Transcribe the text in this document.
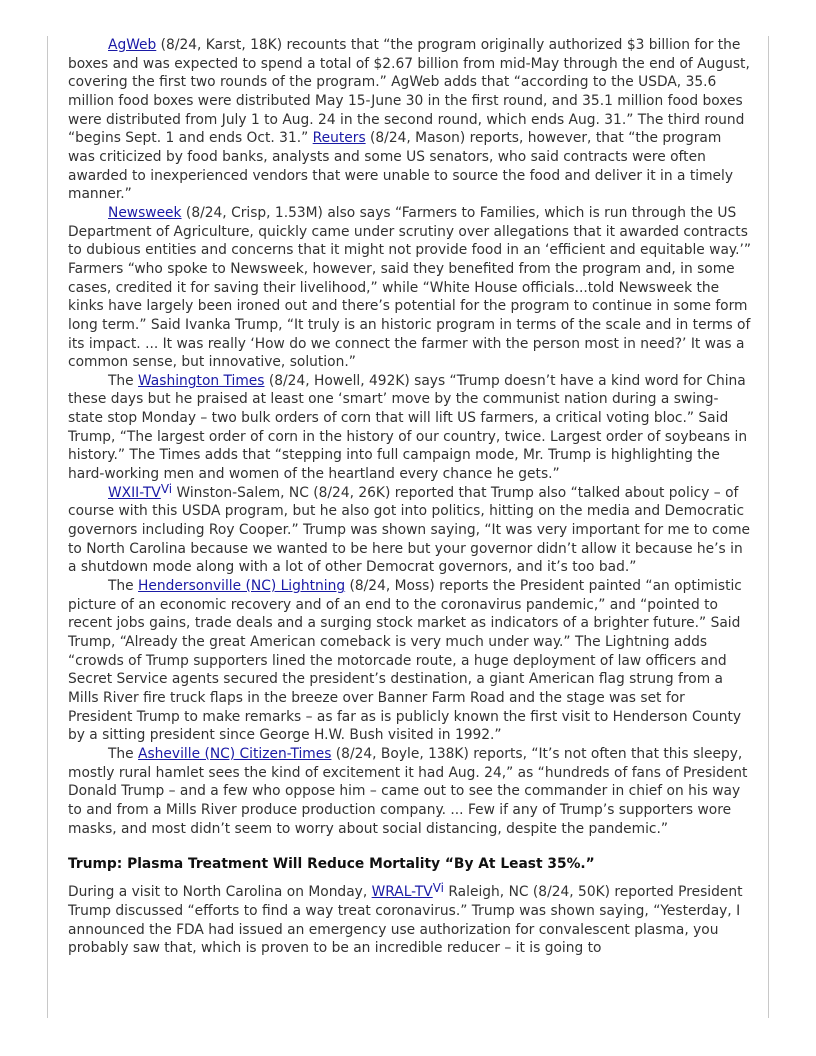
AgWeb (8/24, Karst, 18K) recounts that “the program originally authorized $3 billion for the boxes and was expected to spend a total of $2.67 billion from mid-May through the end of August, covering the first two rounds of the program.” AgWeb adds that “according to the USDA, 35.6 million food boxes were distributed May 15-June 30 in the first round, and 35.1 million food boxes were distributed from July 1 to Aug. 24 in the second round, which ends Aug. 31.” The third round “begins Sept. 1 and ends Oct. 31.” Reuters (8/24, Mason) reports, however, that “the program was criticized by food banks, analysts and some US senators, who said contracts were often awarded to inexperienced vendors that were unable to source the food and deliver it in a timely manner.”

Newsweek (8/24, Crisp, 1.53M) also says “Farmers to Families, which is run through the US Department of Agriculture, quickly came under scrutiny over allegations that it awarded contracts to dubious entities and concerns that it might not provide food in an ‘efficient and equitable way.’” Farmers “who spoke to Newsweek, however, said they benefited from the program and, in some cases, credited it for saving their livelihood,” while “White House officials...told Newsweek the kinks have largely been ironed out and there’s potential for the program to continue in some form long term.” Said Ivanka Trump, “It truly is an historic program in terms of the scale and in terms of its impact. ... It was really ‘How do we connect the farmer with the person most in need?’ It was a common sense, but innovative, solution.”

The Washington Times (8/24, Howell, 492K) says “Trump doesn’t have a kind word for China these days but he praised at least one ‘smart’ move by the communist nation during a swing-state stop Monday – two bulk orders of corn that will lift US farmers, a critical voting bloc.” Said Trump, “The largest order of corn in the history of our country, twice. Largest order of soybeans in history.” The Times adds that “stepping into full campaign mode, Mr. Trump is highlighting the hard-working men and women of the heartland every chance he gets.”

WXII-$TV^{Vi}$ Winston-Salem, NC (8/24, 26K) reported that Trump also “talked about policy – of course with this USDA program, but he also got into politics, hitting on the media and Democratic governors including Roy Cooper.” Trump was shown saying, “It was very important for me to come to North Carolina because we wanted to be here but your governor didn’t allow it because he’s in a shutdown mode along with a lot of other Democrat governors, and it’s too bad.”

The Hendersonville (NC) Lightning (8/24, Moss) reports the President painted “an optimistic picture of an economic recovery and of an end to the coronavirus pandemic,” and “pointed to recent jobs gains, trade deals and a surging stock market as indicators of a brighter future.” Said Trump, “Already the great American comeback is very much under way.” The Lightning adds “crowds of Trump supporters lined the motorcade route, a huge deployment of law officers and Secret Service agents secured the president’s destination, a giant American flag strung from a Mills River fire truck flaps in the breeze over Banner Farm Road and the stage was set for President Trump to make remarks – as far as is publicly known the first visit to Henderson County by a sitting president since George H.W. Bush visited in 1992.”

The Asheville (NC) Citizen-Times (8/24, Boyle, 138K) reports, “It’s not often that this sleepy, mostly rural hamlet sees the kind of excitement it had Aug. 24,” as “hundreds of fans of President Donald Trump – and a few who oppose him – came out to see the commander in chief on his way to and from a Mills River produce production company. ... Few if any of Trump’s supporters wore masks, and most didn’t seem to worry about social distancing, despite the pandemic.”

Trump: Plasma Treatment Will Reduce Mortality “By At Least 35%.”

During a visit to North Carolina on Monday, WRAL-$TV^{Vi}$ Raleigh, NC (8/24, 50K) reported President Trump discussed “efforts to find a way treat coronavirus.” Trump was shown saying, “Yesterday, I announced the FDA had issued an emergency use authorization for convalescent plasma, you probably saw that, which is proven to be an incredible reducer – it is going to
